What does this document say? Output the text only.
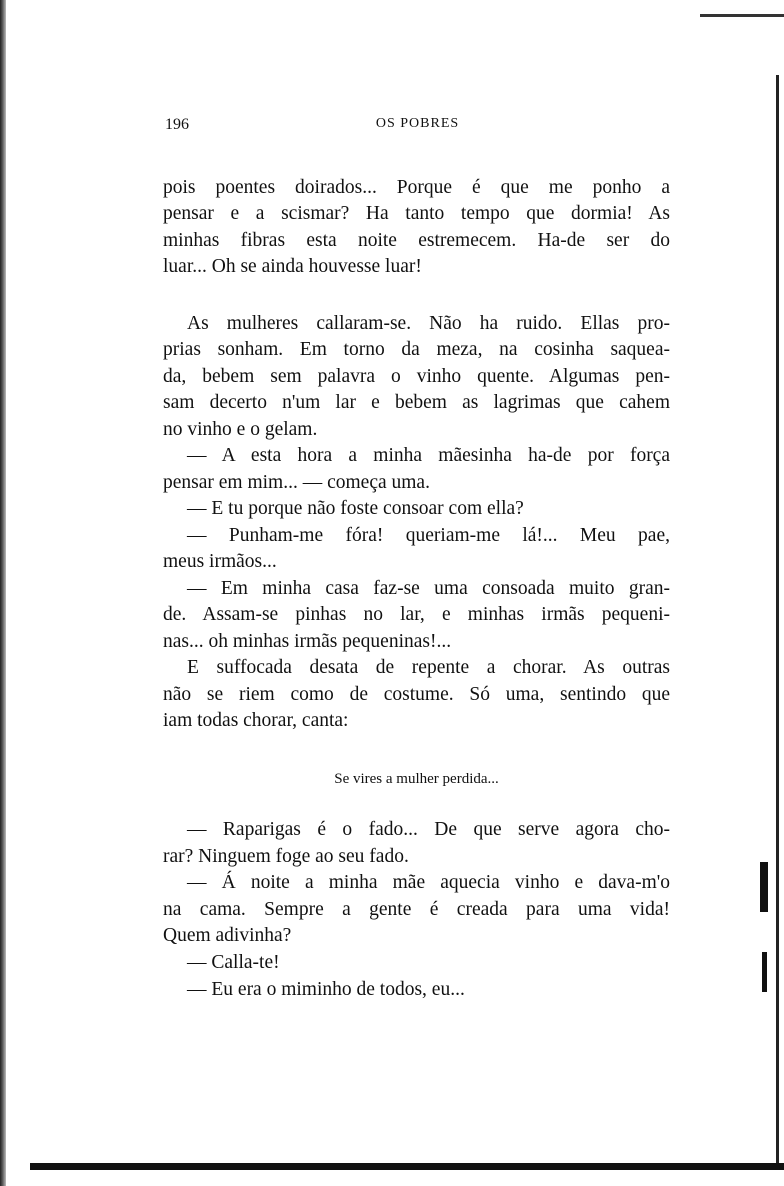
196	OS POBRES
pois poentes doirados... Porque é que me ponho a
pensar e a scismar? Ha tanto tempo que dormia! As
minhas fibras esta noite estremecem. Ha-de ser do
luar... Oh se ainda houvesse luar!
As mulheres callaram-se. Não ha ruido. Ellas pro-
prias sonham. Em torno da meza, na cosinha saquea-
da, bebem sem palavra o vinho quente. Algumas pen-
sam decerto n'um lar e bebem as lagrimas que cahem
no vinho e o gelam.
— A esta hora a minha mãesinha ha-de por força
pensar em mim... — começa uma.
— E tu porque não foste consoar com ella?
— Punham-me fóra! queriam-me lá!... Meu pae,
meus irmãos...
— Em minha casa faz-se uma consoada muito gran-
de. Assam-se pinhas no lar, e minhas irmãs pequeni-
nas... oh minhas irmãs pequeninas!...
E suffocada desata de repente a chorar. As outras
não se riem como de costume. Só uma, sentindo que
iam todas chorar, canta:
— Raparigas é o fado... De que serve agora cho-
rar? Ninguem foge ao seu fado.
— Á noite a minha mãe aquecia vinho e dava-m'o
na cama. Sempre a gente é creada para uma vida!
Quem adivinha?
— Calla-te!
— Eu era o miminho de todos, eu...
Se vires a mulher perdida...
